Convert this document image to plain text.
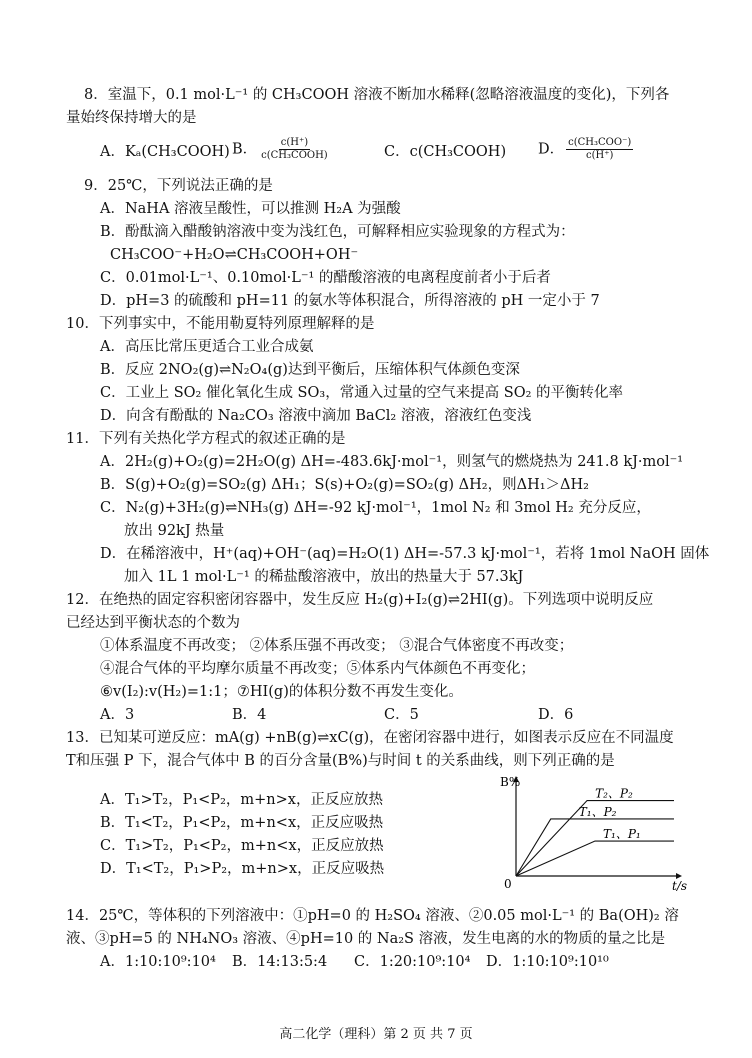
8．室温下，0.1 mol·L⁻¹ 的 CH₃COOH 溶液不断加水稀释(忽略溶液温度的变化)，下列各
量始终保持增大的是
A．Kₐ(CH₃COOH) B． $\frac{c(H^+)}{\text{c(CH₃COOH)}}$	C．c(CH₃COOH) D． $\frac{\text{c(CH₃COO⁻)}}{c(H^+)}$
9．25℃，下列说法正确的是
A．NaHA 溶液呈酸性，可以推测 H₂A 为强酸
B．酚酞滴入醋酸钠溶液中变为浅红色，可解释相应实验现象的方程式为：
CH₃COO⁻+H₂O⇌CH₃COOH+OH⁻
C．0.01mol·L⁻¹、0.10mol·L⁻¹ 的醋酸溶液的电离程度前者小于后者
D．pH=3 的硫酸和 pH=11 的氨水等体积混合，所得溶液的 pH 一定小于 7
10．下列事实中，不能用勒夏特列原理解释的是
A．高压比常压更适合工业合成氨
B．反应 2NO₂(g)⇌N₂O₄(g)达到平衡后，压缩体积气体颜色变深
C．工业上 SO₂ 催化氧化生成 SO₃，常通入过量的空气来提高 SO₂ 的平衡转化率
D．向含有酚酞的 Na₂CO₃ 溶液中滴加 BaCl₂ 溶液，溶液红色变浅
11．下列有关热化学方程式的叙述正确的是
A．2H₂(g)+O₂(g)=2H₂O(g) ΔH=-483.6kJ·mol⁻¹，则氢气的燃烧热为 241.8 kJ·mol⁻¹
B．S(g)+O₂(g)=SO₂(g) ΔH₁；S(s)+O₂(g)=SO₂(g) ΔH₂，则ΔH₁＞ΔH₂
C．N₂(g)+3H₂(g)⇌NH₃(g) ΔH=-92 kJ·mol⁻¹，1mol N₂ 和 3mol H₂ 充分反应，
放出 92kJ 热量
D．在稀溶液中，H⁺(aq)+OH⁻(aq)=H₂O(1) ΔH=-57.3 kJ·mol⁻¹，若将 1mol NaOH 固体
加入 1L 1 mol·L⁻¹ 的稀盐酸溶液中，放出的热量大于 57.3kJ
12．在绝热的固定容积密闭容器中，发生反应 H₂(g)+I₂(g)⇌2HI(g)。下列选项中说明反应
已经达到平衡状态的个数为
①体系温度不再改变； ②体系压强不再改变； ③混合气体密度不再改变；
④混合气体的平均摩尔质量不再改变；⑤体系内气体颜色不再变化；
⑥v(I₂):v(H₂)=1:1；⑦HI(g)的体积分数不再发生变化。
A．3	B．4	C．5	D．6
13．已知某可逆反应：mA(g) +nB(g)⇌xC(g)，在密闭容器中进行，如图表示反应在不同温度
T和压强 P 下，混合气体中 B 的百分含量(B%)与时间 t 的关系曲线，则下列正确的是
A．T₁>T₂，P₁<P₂，m+n>x，正反应放热
B．T₁<T₂，P₁<P₂，m+n<x，正反应吸热
C．T₁>T₂，P₁<P₂，m+n<x，正反应放热
D．T₁<T₂，P₁>P₂，m+n>x，正反应吸热
B%
t/s
0
T₂、P₂
T₁、P₂
T₁、P₁
14．25℃，等体积的下列溶液中：①pH=0 的 H₂SO₄ 溶液、②0.05 mol·L⁻¹ 的 Ba(OH)₂ 溶
液、③pH=5 的 NH₄NO₃ 溶液、④pH=10 的 Na₂S 溶液，发生电离的水的物质的量之比是
A．1:10:10⁹:10⁴ B．14:13:5:4 C．1:20:10⁹:10⁴ D．1:10:10⁹:10¹⁰
高二化学（理科）第 2 页 共 7 页
